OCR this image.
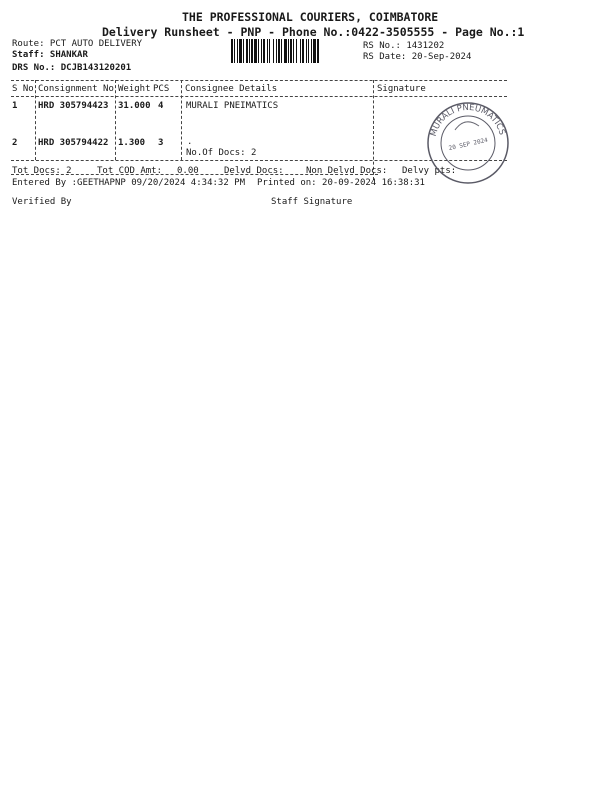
THE PROFESSIONAL COURIERS, COIMBATORE
Delivery Runsheet - PNP - Phone No.:0422-3505555 - Page No.:1
Route: PCT AUTO DELIVERY
Staff: SHANKAR
DRS No.: DCJB143120201
RS No.: 1431202
RS Date: 20-Sep-2024
S No Consignment No Weight PCS Consignee Details	Signature
1 HRD 305794423 31.000 4	MURALI PNEIMATICS
2 HRD 305794422 1.300 3	.
No.Of Docs: 2
Tot Docs: 2	Tot COD Amt: 0.00	Delvd Docs: Non Delvd Docs: Delvy pts:
Entered By :GEETHAPNP 09/20/2024 4:34:32 PM Printed on: 20-09-2024 16:38:31
Verified By	Staff Signature
MURALI PNEUMATICS
20 SEP 2024
